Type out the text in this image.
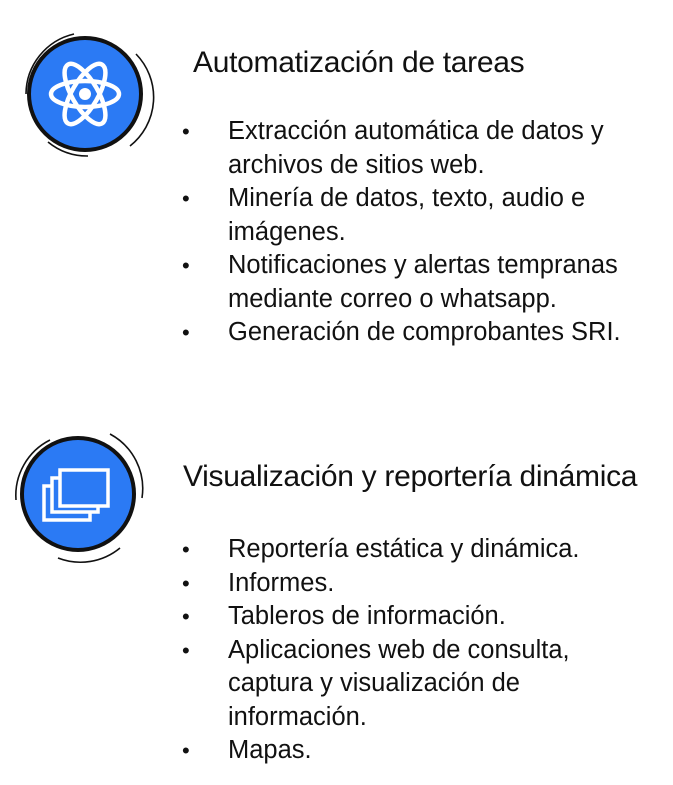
Automatización de tareas
• Extracción automática de datos y archivos de sitios web.
• Minería de datos, texto, audio e imágenes.
• Notificaciones y alertas tempranas mediante correo o whatsapp.
• Generación de comprobantes SRI.
Visualización y reportería dinámica
• Reportería estática y dinámica.
• Informes.
• Tableros de información.
• Aplicaciones web de consulta, captura y visualización de información.
• Mapas.
